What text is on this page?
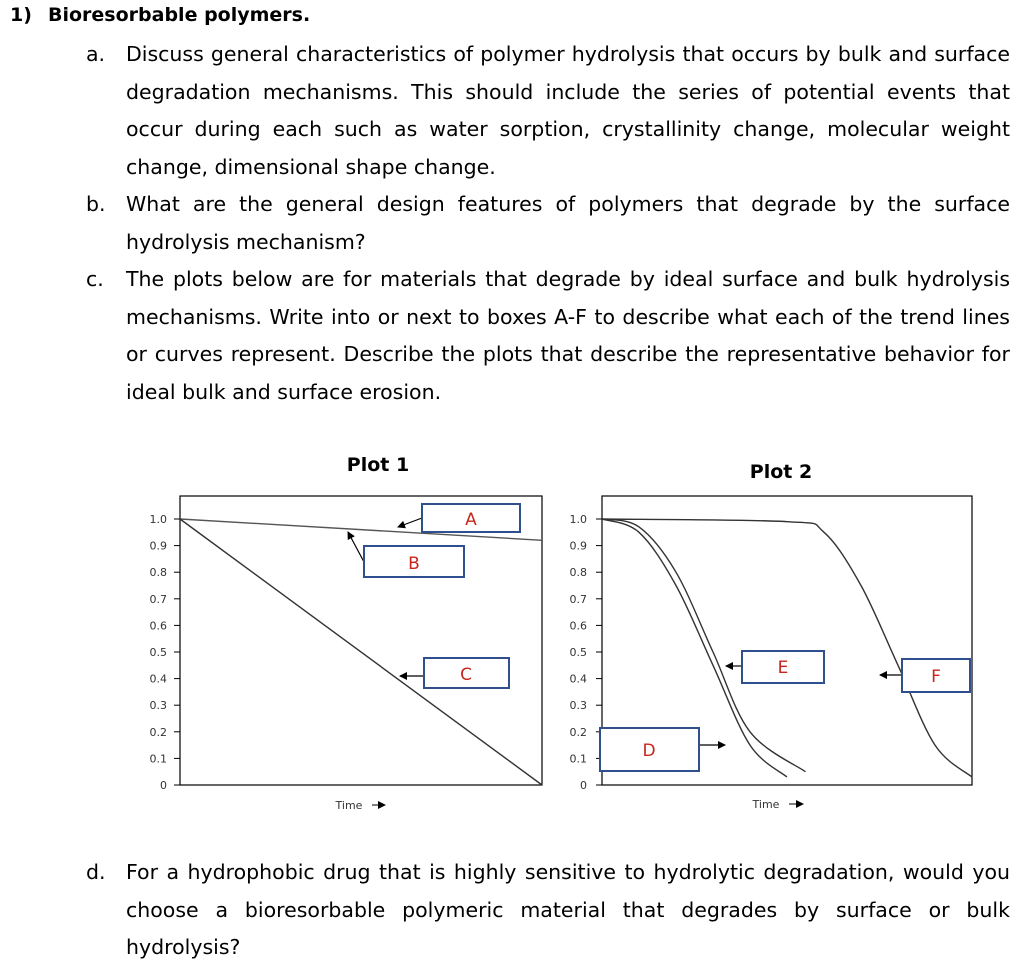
1) Bioresorbable polymers.
a.	Discuss general characteristics of polymer hydrolysis that occurs by bulk and surface degradation mechanisms. This should include the series of potential events that occur during each such as water sorption, crystallinity change, molecular weight change, dimensional shape change.
b. What are the general design features of polymers that degrade by the surface hydrolysis mechanism?
c.	The plots below are for materials that degrade by ideal surface and bulk hydrolysis mechanisms. Write into or next to boxes A-F to describe what each of the trend lines or curves represent. Describe the plots that describe the representative behavior for ideal bulk and surface erosion.
Plot 1
1.0
0.9
0.8
0.7
0.6
0.5
0.4
0.3
0.2
0.1
0
Time
A
B
C
Plot 2
1.0
0.9
0.8
0.7
0.6
0.5
0.4
0.3
0.2
0.1
0
Time
D
E	F
d. For a hydrophobic drug that is highly sensitive to hydrolytic degradation, would you choose a bioresorbable polymeric material that degrades by surface or bulk hydrolysis?
